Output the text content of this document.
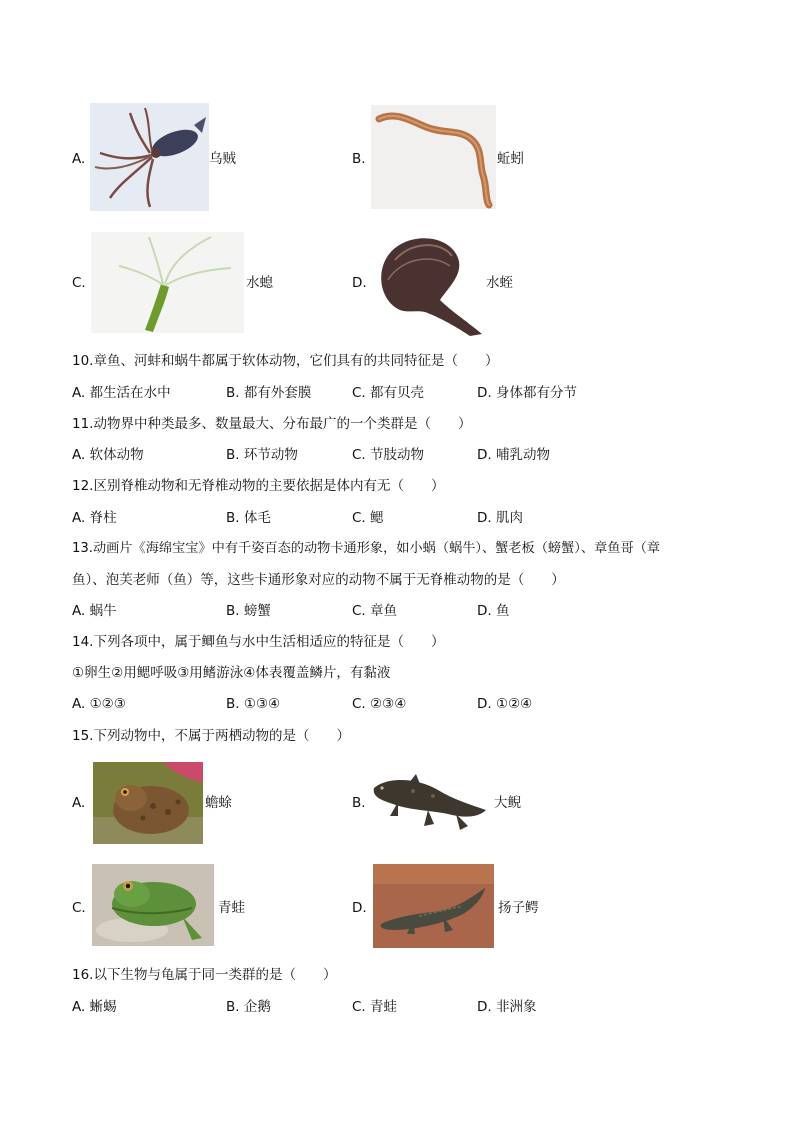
A.	乌贼	B.	蚯蚓
C.	水螅	D.	水蛭
10.章鱼、河蚌和蜗牛都属于软体动物，它们具有的共同特征是（　　）
A. 都生活在水中	B. 都有外套膜	C. 都有贝壳	D. 身体都有分节
11.动物界中种类最多、数量最大、分布最广的一个类群是（　　）
A. 软体动物	B. 环节动物	C. 节肢动物	D. 哺乳动物
12.区别脊椎动物和无脊椎动物的主要依据是体内有无（　　）
A. 脊柱	B. 体毛	C. 鳃	D. 肌肉
13.动画片《海绵宝宝》中有千姿百态的动物卡通形象，如小蜗（蜗牛）、蟹老板（螃蟹）、章鱼哥（章
鱼）、泡芙老师（鱼）等，这些卡通形象对应的动物不属于无脊椎动物的是（　　）
A. 蜗牛	B. 螃蟹	C. 章鱼	D. 鱼
14.下列各项中，属于鲫鱼与水中生活相适应的特征是（　　）
①卵生②用鳃呼吸③用鳍游泳④体表覆盖鳞片，有黏液
A. ①②③	B. ①③④	C. ②③④	D. ①②④
15.下列动物中，不属于两栖动物的是（　　）
A.	蟾蜍	B.	大鲵
C.	青蛙	D.	扬子鳄
16.以下生物与龟属于同一类群的是（　　）
A. 蜥蜴	B. 企鹅	C. 青蛙	D. 非洲象
